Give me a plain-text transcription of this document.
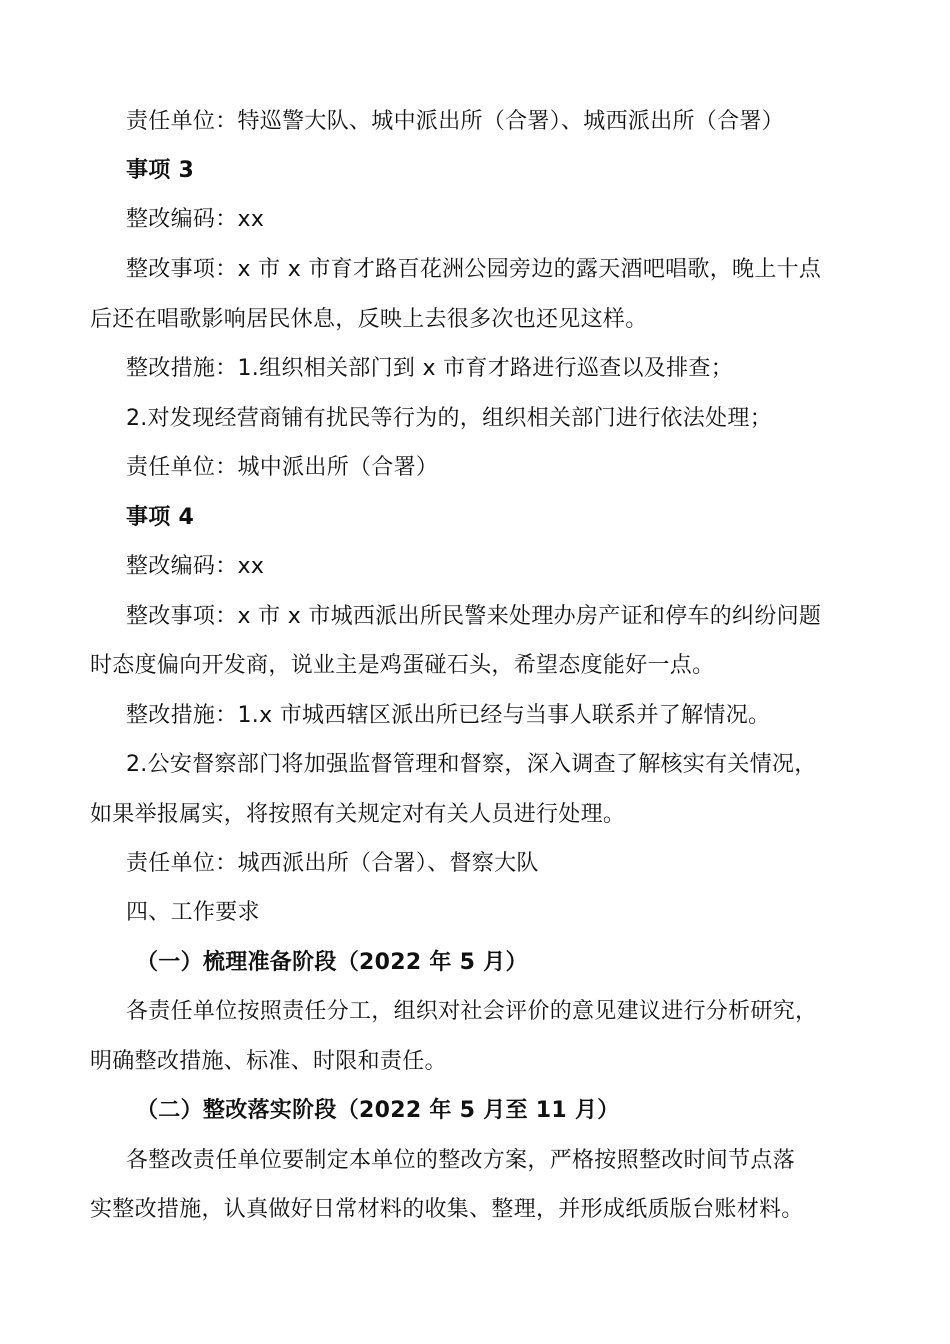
责任单位：特巡警大队、城中派出所（合署）、城西派出所（合署）
事项 3
整改编码：xx
整改事项：x 市 x 市育才路百花洲公园旁边的露天酒吧唱歌，晚上十点
后还在唱歌影响居民休息，反映上去很多次也还见这样。
整改措施：1.组织相关部门到 x 市育才路进行巡查以及排查；
2.对发现经营商铺有扰民等行为的，组织相关部门进行依法处理；
责任单位：城中派出所（合署）
事项 4
整改编码：xx
整改事项：x 市 x 市城西派出所民警来处理办房产证和停车的纠纷问题
时态度偏向开发商，说业主是鸡蛋碰石头，希望态度能好一点。
整改措施：1.x 市城西辖区派出所已经与当事人联系并了解情况。
2.公安督察部门将加强监督管理和督察，深入调查了解核实有关情况，
如果举报属实，将按照有关规定对有关人员进行处理。
责任单位：城西派出所（合署）、督察大队
四、工作要求
（一）梳理准备阶段（2022 年 5 月）
各责任单位按照责任分工，组织对社会评价的意见建议进行分析研究，
明确整改措施、标准、时限和责任。
（二）整改落实阶段（2022 年 5 月至 11 月）
各整改责任单位要制定本单位的整改方案，严格按照整改时间节点落
实整改措施，认真做好日常材料的收集、整理，并形成纸质版台账材料。
